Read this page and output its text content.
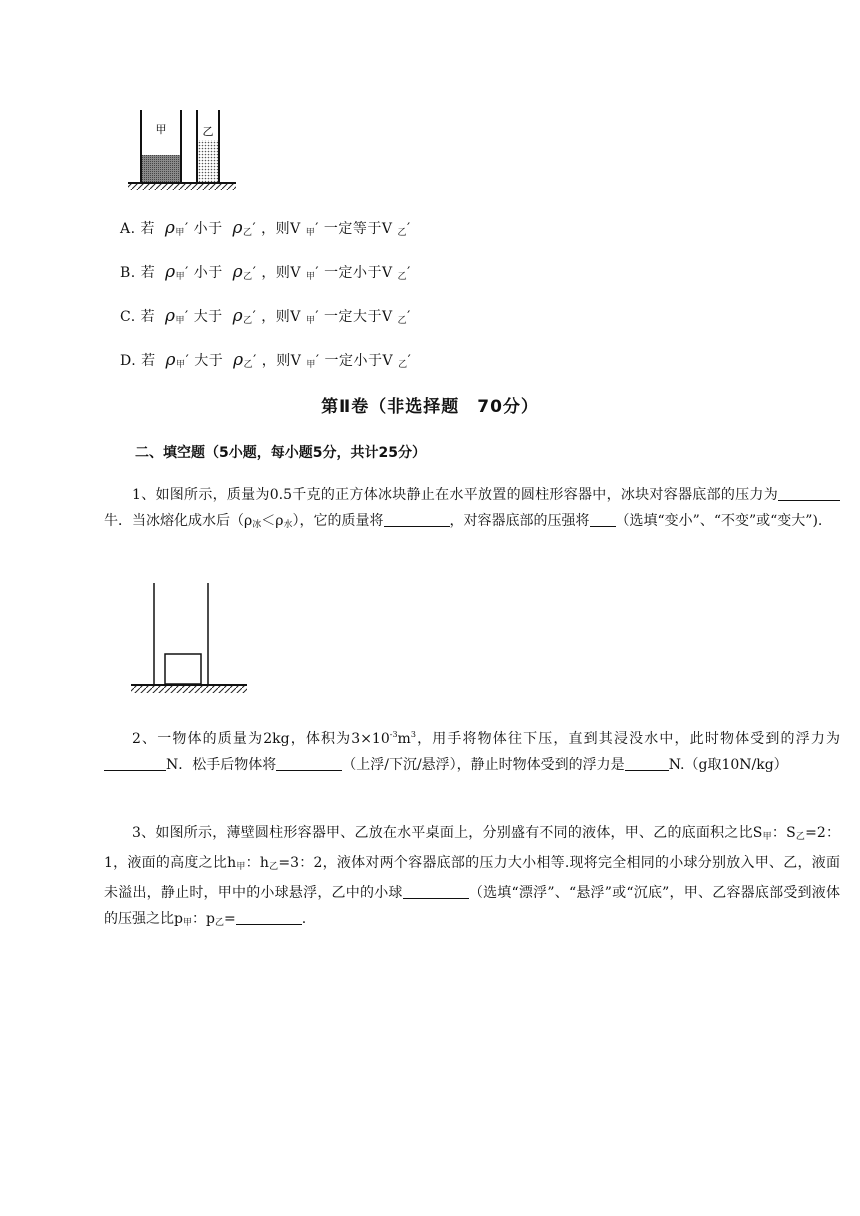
甲	乙
A. 若 $\rho_甲'$ 小于 $\rho_乙'$ ，则V $_甲$′ 一定等于V $_乙$′
B. 若 $\rho_甲'$ 小于 $\rho_乙'$ ，则V $_甲$′ 一定小于V $_乙$′
C. 若 $\rho_甲'$ 大于 $\rho_乙'$ ，则V $_甲$′ 一定大于V $_乙$′
D. 若 $\rho_甲'$ 大于 $\rho_乙'$ ，则V $_甲$′ 一定小于V $_乙$′
第Ⅱ卷（非选择题　70分）
二、填空题（5小题，每小题5分，共计25分）

1、如图所示，质量为0.5千克的正方体冰块静止在水平放置的圆柱形容器中，冰块对容器底部的压力为牛．当冰熔化成水后$(\rho_冰<\rho_水)$，它的质量将	，对容器底部的压强将 （选填“变小”、“不变”或“变大”).

2、一物体的质量为2kg，体积为$3\times 10^{-3}m^3$，用手将物体往下压，直到其浸没水中，此时物体受到的浮力为N．松手后物体将	（上浮/下沉/悬浮），静止时物体受到的浮力是	N.（g取10N/kg）

3、如图所示，薄壁圆柱形容器甲、乙放在水平桌面上，分别盛有不同的液体，甲、乙的底面积之比$S_甲$：$S_乙=2$：1，液面的高度之比$h_甲$：$h_乙=3$：2，液体对两个容器底部的压力大小相等.现将完全相同的小球分别放入甲、乙，液面未溢出，静止时，甲中的小球悬浮，乙中的小球	（选填“漂浮”、“悬浮”或“沉底”，甲、乙容器底部受到液体的压强之比$p_甲$：$p_乙=$	.
